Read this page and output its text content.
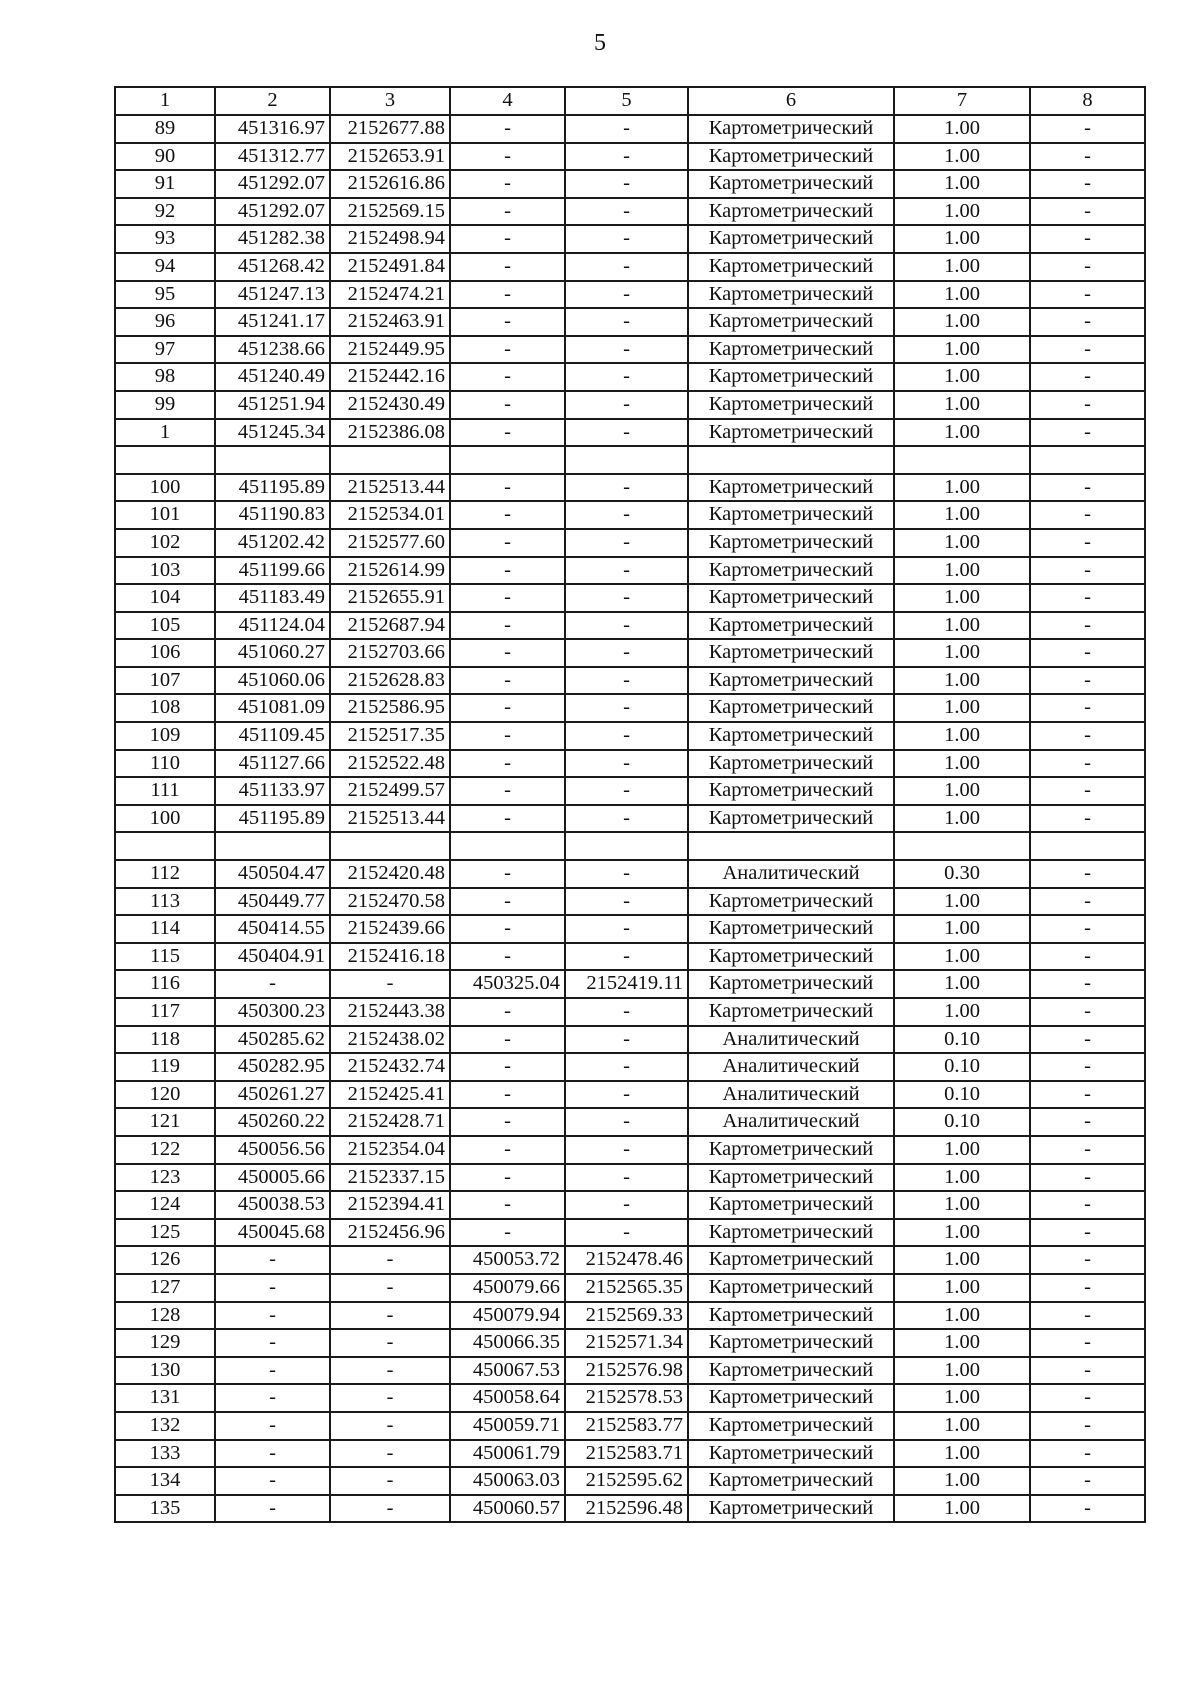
5
1	2	3	4	5	6	7	8
89	451316.97	2152677.88	-	-	Картометрический	1.00	-
90	451312.77	2152653.91	-	-	Картометрический	1.00	-
91	451292.07	2152616.86	-	-	Картометрический	1.00	-
92	451292.07	2152569.15	-	-	Картометрический	1.00	-
93	451282.38	2152498.94	-	-	Картометрический	1.00	-
94	451268.42	2152491.84	-	-	Картометрический	1.00	-
95	451247.13	2152474.21	-	-	Картометрический	1.00	-
96	451241.17	2152463.91	-	-	Картометрический	1.00	-
97	451238.66	2152449.95	-	-	Картометрический	1.00	-
98	451240.49	2152442.16	-	-	Картометрический	1.00	-
99	451251.94	2152430.49	-	-	Картометрический	1.00	-
1	451245.34	2152386.08	-	-	Картометрический	1.00	-

100	451195.89	2152513.44	-	-	Картометрический	1.00	-
101	451190.83	2152534.01	-	-	Картометрический	1.00	-
102	451202.42	2152577.60	-	-	Картометрический	1.00	-
103	451199.66	2152614.99	-	-	Картометрический	1.00	-
104	451183.49	2152655.91	-	-	Картометрический	1.00	-
105	451124.04	2152687.94	-	-	Картометрический	1.00	-
106	451060.27	2152703.66	-	-	Картометрический	1.00	-
107	451060.06	2152628.83	-	-	Картометрический	1.00	-
108	451081.09	2152586.95	-	-	Картометрический	1.00	-
109	451109.45	2152517.35	-	-	Картометрический	1.00	-
110	451127.66	2152522.48	-	-	Картометрический	1.00	-
111	451133.97	2152499.57	-	-	Картометрический	1.00	-
100	451195.89	2152513.44	-	-	Картометрический	1.00	-

112	450504.47	2152420.48	-	-	Аналитический	0.30	-
113	450449.77	2152470.58	-	-	Картометрический	1.00	-
114	450414.55	2152439.66	-	-	Картометрический	1.00	-
115	450404.91	2152416.18	-	-	Картометрический	1.00	-
116	-	-	450325.04	2152419.11	Картометрический	1.00	-
117	450300.23	2152443.38	-	-	Картометрический	1.00	-
118	450285.62	2152438.02	-	-	Аналитический	0.10	-
119	450282.95	2152432.74	-	-	Аналитический	0.10	-
120	450261.27	2152425.41	-	-	Аналитический	0.10	-
121	450260.22	2152428.71	-	-	Аналитический	0.10	-
122	450056.56	2152354.04	-	-	Картометрический	1.00	-
123	450005.66	2152337.15	-	-	Картометрический	1.00	-
124	450038.53	2152394.41	-	-	Картометрический	1.00	-
125	450045.68	2152456.96	-	-	Картометрический	1.00	-
126	-	-	450053.72	2152478.46	Картометрический	1.00	-
127	-	-	450079.66	2152565.35	Картометрический	1.00	-
128	-	-	450079.94	2152569.33	Картометрический	1.00	-
129	-	-	450066.35	2152571.34	Картометрический	1.00	-
130	-	-	450067.53	2152576.98	Картометрический	1.00	-
131	-	-	450058.64	2152578.53	Картометрический	1.00	-
132	-	-	450059.71	2152583.77	Картометрический	1.00	-
133	-	-	450061.79	2152583.71	Картометрический	1.00	-
134	-	-	450063.03	2152595.62	Картометрический	1.00	-
135	-	-	450060.57	2152596.48	Картометрический	1.00	-
